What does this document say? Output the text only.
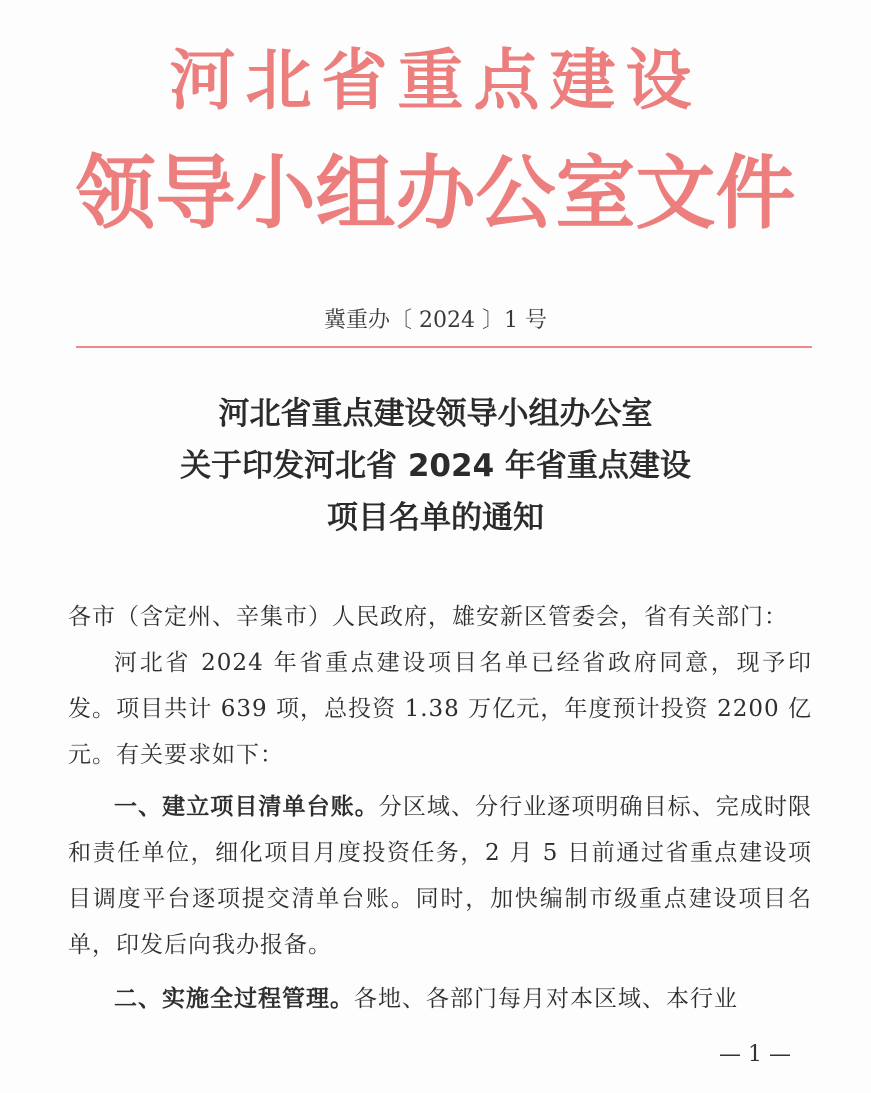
河北省重点建设
领导小组办公室文件
冀重办〔 2024 〕1 号
河北省重点建设领导小组办公室
关于印发河北省 2024 年省重点建设
项目名单的通知
各市（含定州、辛集市）人民政府，雄安新区管委会，省有关部门：

河北省 2024 年省重点建设项目名单已经省政府同意，现予印发。项目共计 639 项，总投资 1.38 万亿元，年度预计投资 2200 亿元。有关要求如下：

一、建立项目清单台账。分区域、分行业逐项明确目标、完成时限和责任单位，细化项目月度投资任务，2 月 5 日前通过省重点建设项目调度平台逐项提交清单台账。同时，加快编制市级重点建设项目名单，印发后向我办报备。

二、实施全过程管理。各地、各部门每月对本区域、本行业

— 1 —
